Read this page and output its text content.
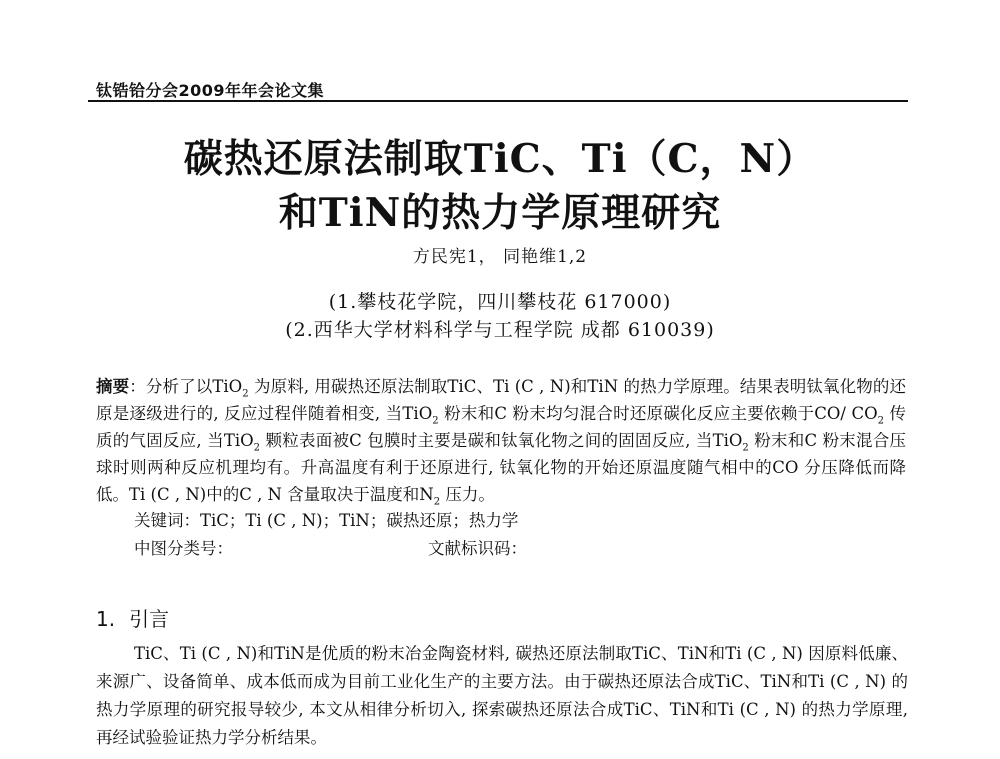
钛锆铪分会2009年年会论文集
碳热还原法制取TiC、Ti（C，N）
和TiN的热力学原理研究
方民宪1， 同艳维1,2
(1.攀枝花学院，四川攀枝花 617000)
(2.西华大学材料科学与工程学院 成都 610039)

摘要：分析了以TiO$_2$ 为原料, 用碳热还原法制取TiC、Ti (C , N)和TiN 的热力学原理。结果表明钛氧化物的还原是逐级进行的, 反应过程伴随着相变, 当TiO$_2$ 粉末和C 粉末均匀混合时还原碳化反应主要依赖于CO/ $CO_2$ 传质的气固反应, 当TiO$_2$ 颗粒表面被C 包膜时主要是碳和钛氧化物之间的固固反应, 当TiO$_2$ 粉末和C 粉末混合压球时则两种反应机理均有。升高温度有利于还原进行, 钛氧化物的开始还原温度随气相中的CO 分压降低而降低。Ti (C , N)中的C , N 含量取决于温度和$N_2$ 压力。

关键词：TiC；Ti (C , N)；TiN；碳热还原；热力学
中图分类号：	文献标识码：
1. 引言

TiC、Ti (C , N)和TiN是优质的粉末冶金陶瓷材料, 碳热还原法制取TiC、TiN和Ti (C , N) 因原料低廉、来源广、设备简单、成本低而成为目前工业化生产的主要方法。由于碳热还原法合成TiC、TiN和Ti (C , N) 的热力学原理的研究报导较少, 本文从相律分析切入, 探索碳热还原法合成TiC、TiN和Ti (C , N) 的热力学原理, 再经试验验证热力学分析结果。
